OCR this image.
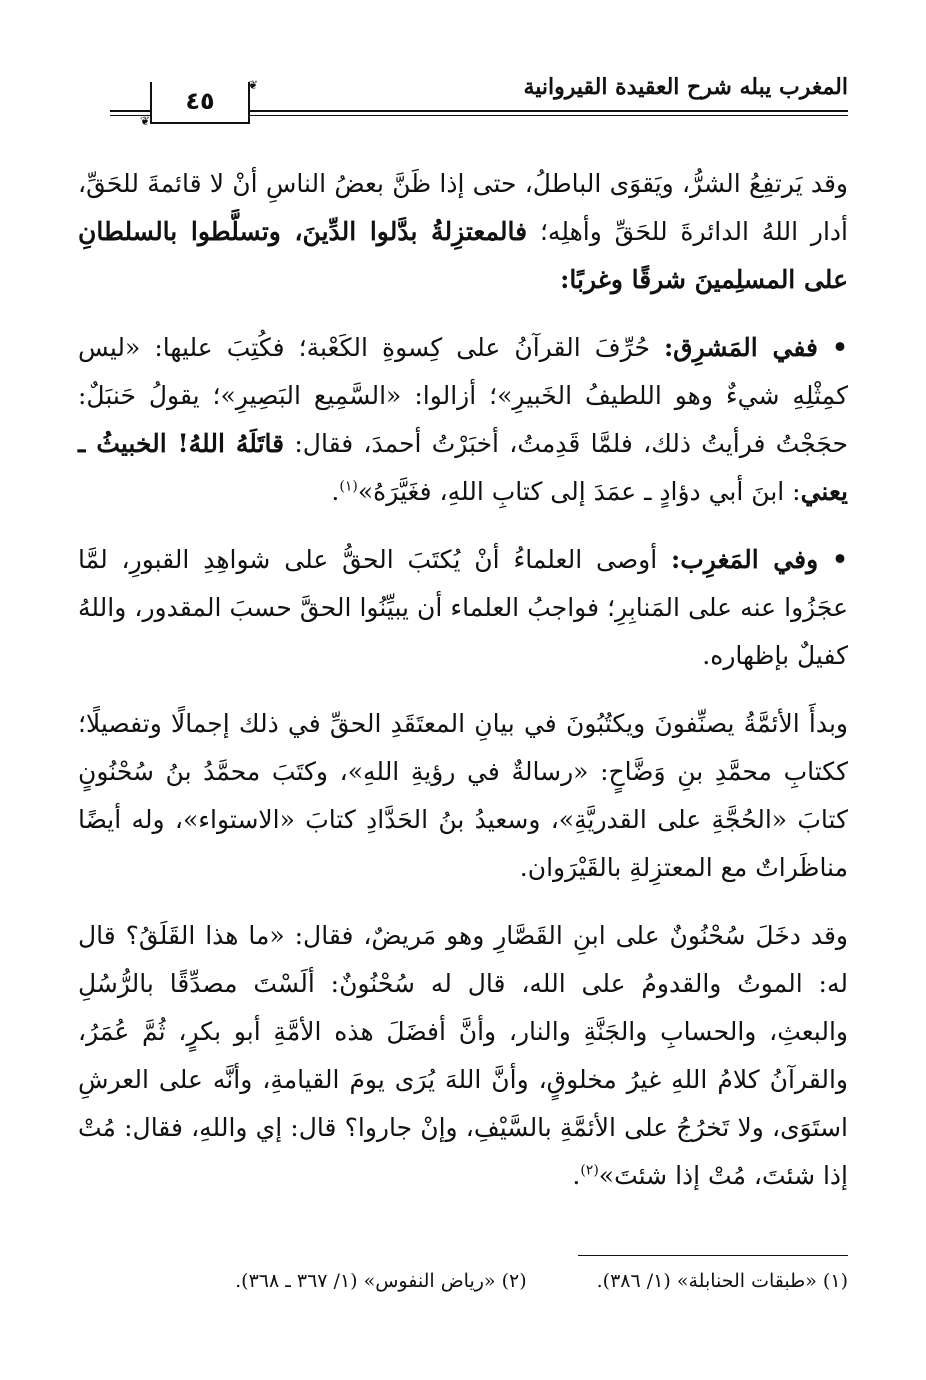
المغرب يبله شرح العقيدة القيروانية
❦
❦
٤٥

وقد يَرتفِعُ الشرُّ، ويَقوَى الباطلُ، حتى إذا ظَنَّ بعضُ الناسِ أنْ لا قائمةَ للحَقِّ، أدار اللهُ الدائرةَ للحَقِّ وأهلِه؛ فالمعتزِلةُ بدَّلوا الدِّينَ، وتسلَّطوا بالسلطانِ على المسلِمينَ شرقًا وغربًا:

• ففي المَشرِق: حُرِّفَ القرآنُ على كِسوةِ الكَعْبة؛ فكُتِبَ عليها: «ليس كمِثْلِهِ شيءٌ وهو اللطيفُ الخَبيرِ»؛ أزالوا: «السَّمِيع البَصِيرِ»؛ يقولُ حَنبَلٌ: حجَجْتُ فرأيتُ ذلك، فلمَّا قَدِمتُ، أخبَرْتُ أحمدَ، فقال: قاتَلَهُ اللهُ! الخبيثُ ـ يعني: ابنَ أبي دؤادٍ ـ عمَدَ إلى كتابِ اللهِ، فغَيَّرَهُ»$^{(١)}$.

• وفي المَغرِب: أوصى العلماءُ أنْ يُكتَبَ الحقُّ على شواهِدِ القبورِ، لمَّا عجَزُوا عنه على المَنابِرِ؛ فواجبُ العلماء أن يبيِّنُوا الحقَّ حسبَ المقدور، واللهُ كفيلٌ بإظهاره.

وبدأَ الأئمَّةُ يصنِّفونَ ويكتُبُونَ في بيانِ المعتَقَدِ الحقِّ في ذلك إجمالًا وتفصيلًا؛ ككتابِ محمَّدِ بنِ وَضَّاحٍ: «رسالةٌ في رؤيةِ اللهِ»، وكتَبَ محمَّدُ بنُ سُحْنُونٍ كتابَ «الحُجَّةِ على القدريَّةِ»، وسعيدُ بنُ الحَدَّادِ كتابَ «الاستواء»، وله أيضًا مناظَراتٌ مع المعتزِلةِ بالقَيْرَوان.

وقد دخَلَ سُحْنُونٌ على ابنِ القَصَّارِ وهو مَريضٌ، فقال: «ما هذا القَلَقُ؟ قال له: الموتُ والقدومُ على الله، قال له سُحْنُونٌ: ألَسْتَ مصدِّقًا بالرُّسُلِ والبعثِ، والحسابِ والجَنَّةِ والنار، وأنَّ أفضَلَ هذه الأمَّةِ أبو بكرٍ، ثُمَّ عُمَرُ، والقرآنُ كلامُ اللهِ غيرُ مخلوقٍ، وأنَّ اللهَ يُرَى يومَ القيامةِ، وأنَّه على العرشِ استَوَى، ولا تَخرُجُ على الأئمَّةِ بالسَّيْفِ، وإنْ جاروا؟ قال: إي واللهِ، فقال: مُتْ إذا شئتَ، مُتْ إذا شئتَ»$^{(٢)}$.

(١) «طبقات الحنابلة» (١/ ٣٨٦).
(٢) «رياض النفوس» (١/ ٣٦٧ ـ ٣٦٨).
